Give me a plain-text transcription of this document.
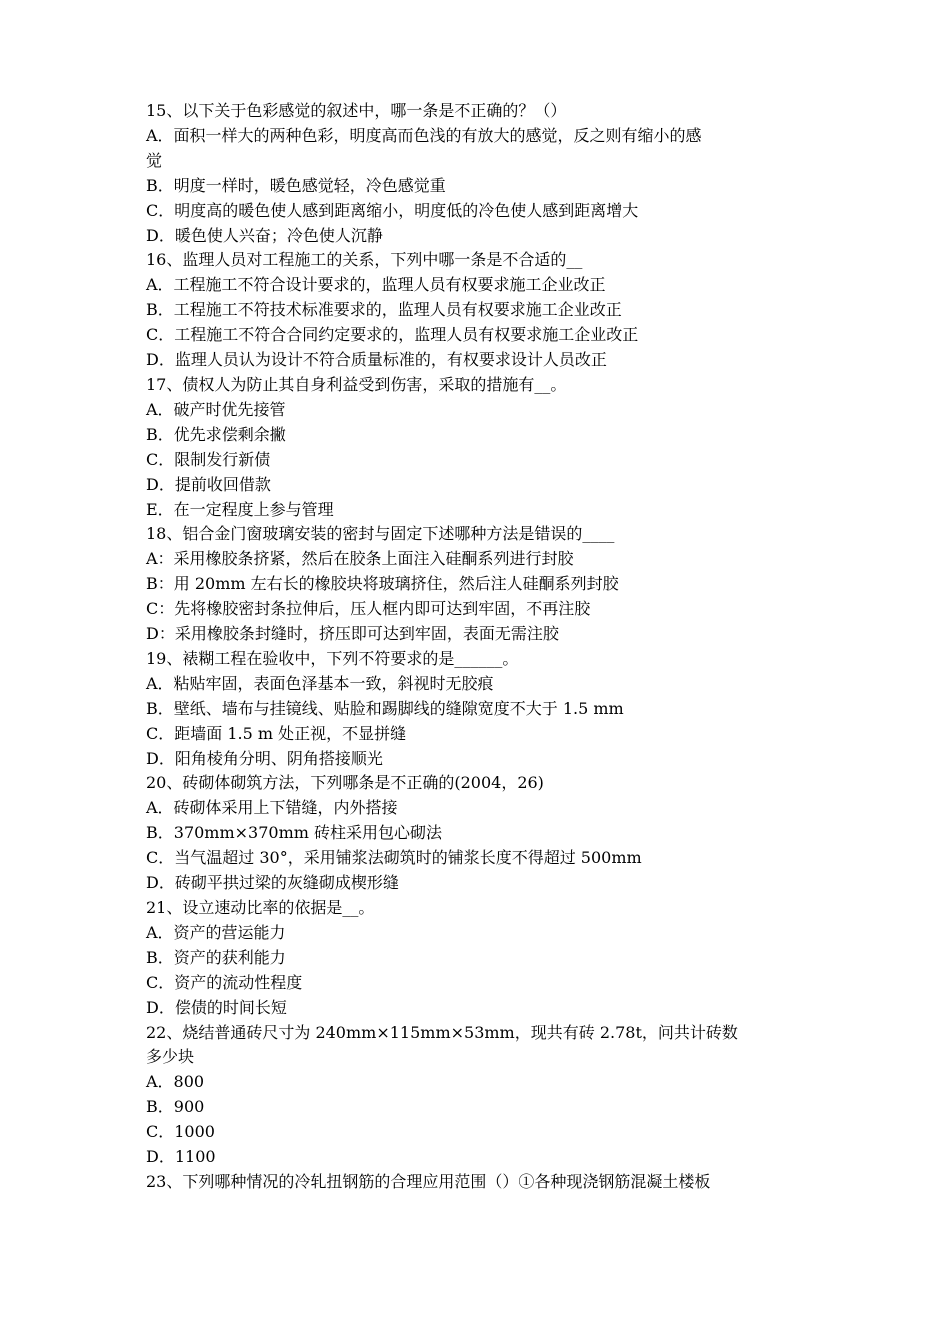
15、以下关于色彩感觉的叙述中，哪一条是不正确的？（）
A．面积一样大的两种色彩，明度高而色浅的有放大的感觉，反之则有缩小的感
觉
B．明度一样时，暖色感觉轻，冷色感觉重
C．明度高的暖色使人感到距离缩小，明度低的冷色使人感到距离增大
D．暖色使人兴奋；冷色使人沉静
16、监理人员对工程施工的关系，下列中哪一条是不合适的__
A．工程施工不符合设计要求的，监理人员有权要求施工企业改正
B．工程施工不符技术标准要求的，监理人员有权要求施工企业改正
C．工程施工不符合合同约定要求的，监理人员有权要求施工企业改正
D．监理人员认为设计不符合质量标准的，有权要求设计人员改正
17、债权人为防止其自身利益受到伤害，采取的措施有__。
A．破产时优先接管
B．优先求偿剩余撇
C．限制发行新债
D．提前收回借款
E．在一定程度上参与管理
18、铝合金门窗玻璃安装的密封与固定下述哪种方法是错误的____
A：采用橡胶条挤紧，然后在胶条上面注入硅酮系列进行封胶
B：用 20mm 左右长的橡胶块将玻璃挤住，然后注人硅酮系列封胶
C：先将橡胶密封条拉伸后，压人框内即可达到牢固，不再注胶
D：采用橡胶条封缝时，挤压即可达到牢固，表面无需注胶
19、裱糊工程在验收中，下列不符要求的是______。
A．粘贴牢固，表面色泽基本一致，斜视时无胶痕
B．壁纸、墙布与挂镜线、贴脸和踢脚线的缝隙宽度不大于 1.5 mm
C．距墙面 1.5 m 处正视，不显拼缝
D．阳角棱角分明、阴角搭接顺光
20、砖砌体砌筑方法，下列哪条是不正确的(2004，26)
A．砖砌体采用上下错缝，内外搭接
B．370mm×370mm 砖柱采用包心砌法
C．当气温超过 30°，采用铺浆法砌筑时的铺浆长度不得超过 500mm
D．砖砌平拱过梁的灰缝砌成楔形缝
21、设立速动比率的依据是__。
A．资产的营运能力
B．资产的获利能力
C．资产的流动性程度
D．偿债的时间长短
22、烧结普通砖尺寸为 240mm×115mm×53mm，现共有砖 2.78t，问共计砖数
多少块
A．800
B．900
C．1000
D．1100
23、下列哪种情况的冷轧扭钢筋的合理应用范围（）①各种现浇钢筋混凝土楼板
